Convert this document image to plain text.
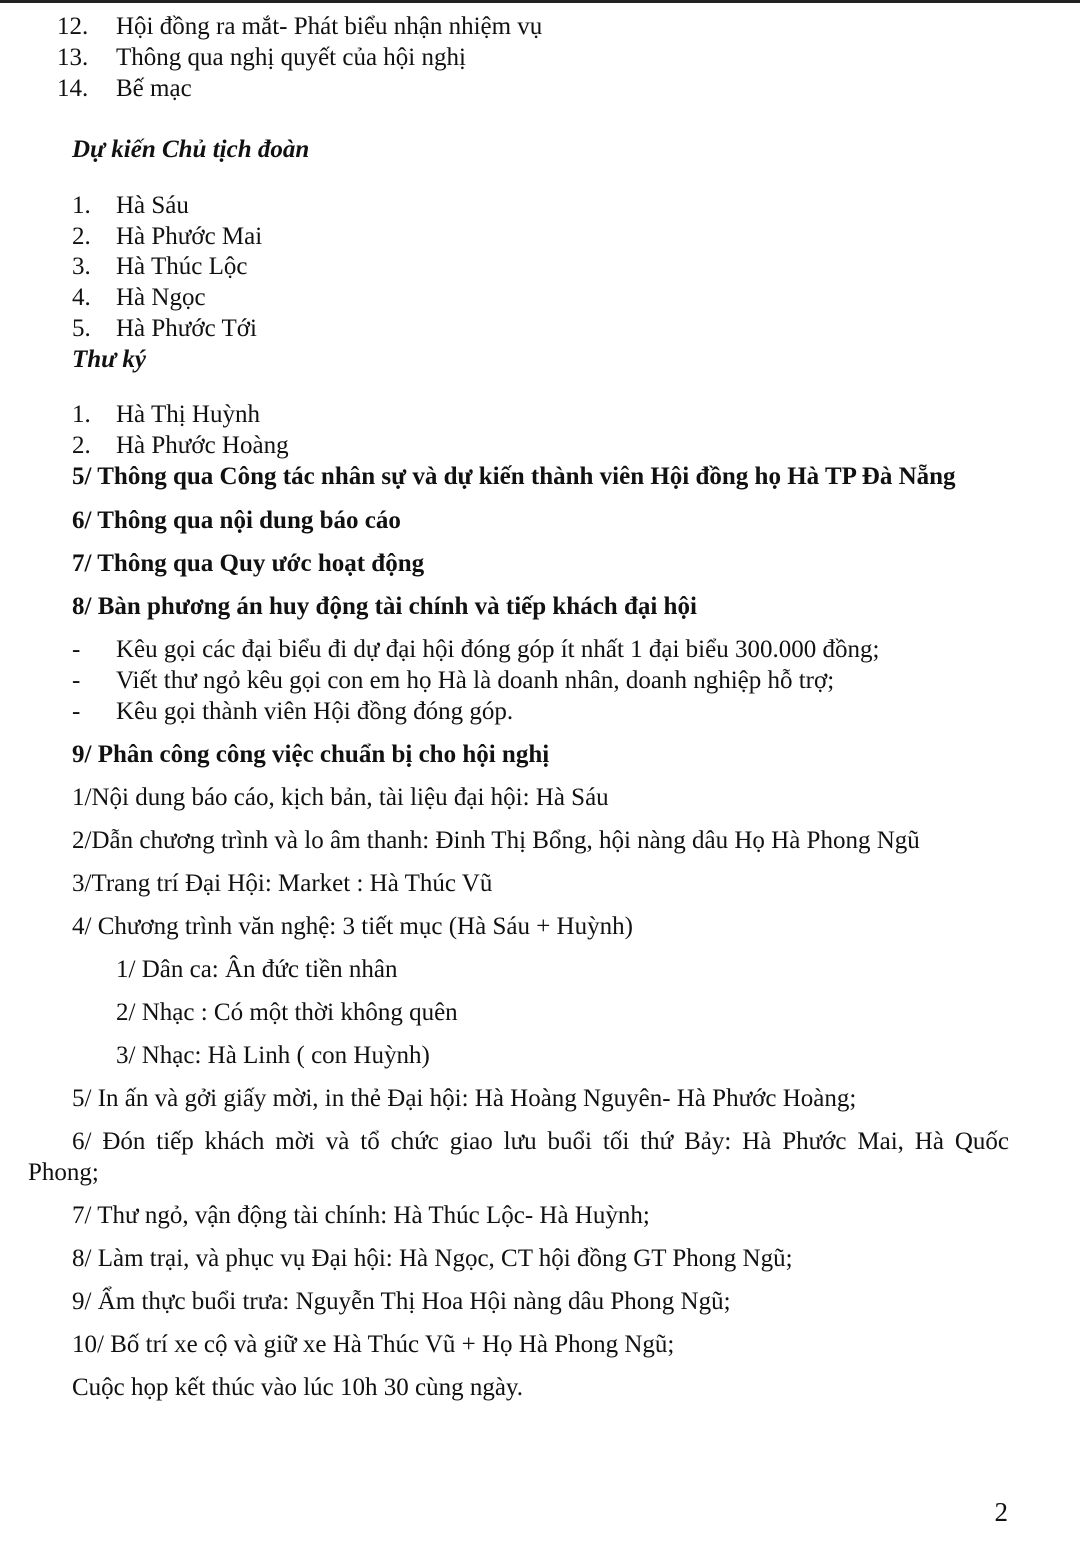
12.	Hội đồng ra mắt- Phát biểu nhận nhiệm vụ
13.	Thông qua nghị quyết của hội nghị
14.	Bế mạc
Dự kiến Chủ tịch đoàn
1.	Hà Sáu
2.	Hà Phước Mai
3.	Hà Thúc Lộc
4.	Hà Ngọc
5.	Hà Phước Tới
Thư ký
1.	Hà Thị Huỳnh
2.	Hà Phước Hoàng
5/ Thông qua Công tác nhân sự và dự kiến thành viên Hội đồng họ Hà TP Đà Nẵng
6/ Thông qua nội dung báo cáo
7/ Thông qua Quy ước hoạt động
8/ Bàn phương án huy động tài chính và tiếp khách đại hội
-	Kêu gọi các đại biểu đi dự đại hội đóng góp ít nhất 1 đại biểu 300.000 đồng;
-	Viết thư ngỏ kêu gọi con em họ Hà là doanh nhân, doanh nghiệp hỗ trợ;
-	Kêu gọi thành viên Hội đồng đóng góp.
9/ Phân công công việc chuẩn bị cho hội nghị
1/Nội dung báo cáo, kịch bản, tài liệu đại hội: Hà Sáu
2/Dẫn chương trình và lo âm thanh: Đinh Thị Bổng, hội nàng dâu Họ Hà Phong Ngũ
3/Trang trí Đại Hội: Market : Hà Thúc Vũ
4/ Chương trình văn nghệ: 3 tiết mục (Hà Sáu + Huỳnh)
1/ Dân ca: Ân đức tiền nhân
2/ Nhạc : Có một thời không quên
3/ Nhạc: Hà Linh ( con Huỳnh)
5/ In ấn và gởi giấy mời, in thẻ Đại hội: Hà Hoàng Nguyên- Hà Phước Hoàng;
6/ Đón tiếp khách mời và tổ chức giao lưu buổi tối thứ Bảy: Hà Phước Mai, Hà Quốc
Phong;
7/ Thư ngỏ, vận động tài chính: Hà Thúc Lộc- Hà Huỳnh;
8/ Làm trại, và phục vụ Đại hội: Hà Ngọc, CT hội đồng GT Phong Ngũ;
9/ Ẩm thực buổi trưa: Nguyễn Thị Hoa Hội nàng dâu Phong Ngũ;
10/ Bố trí xe cộ và giữ xe Hà Thúc Vũ + Họ Hà Phong Ngũ;
Cuộc họp kết thúc vào lúc 10h 30 cùng ngày.
2
